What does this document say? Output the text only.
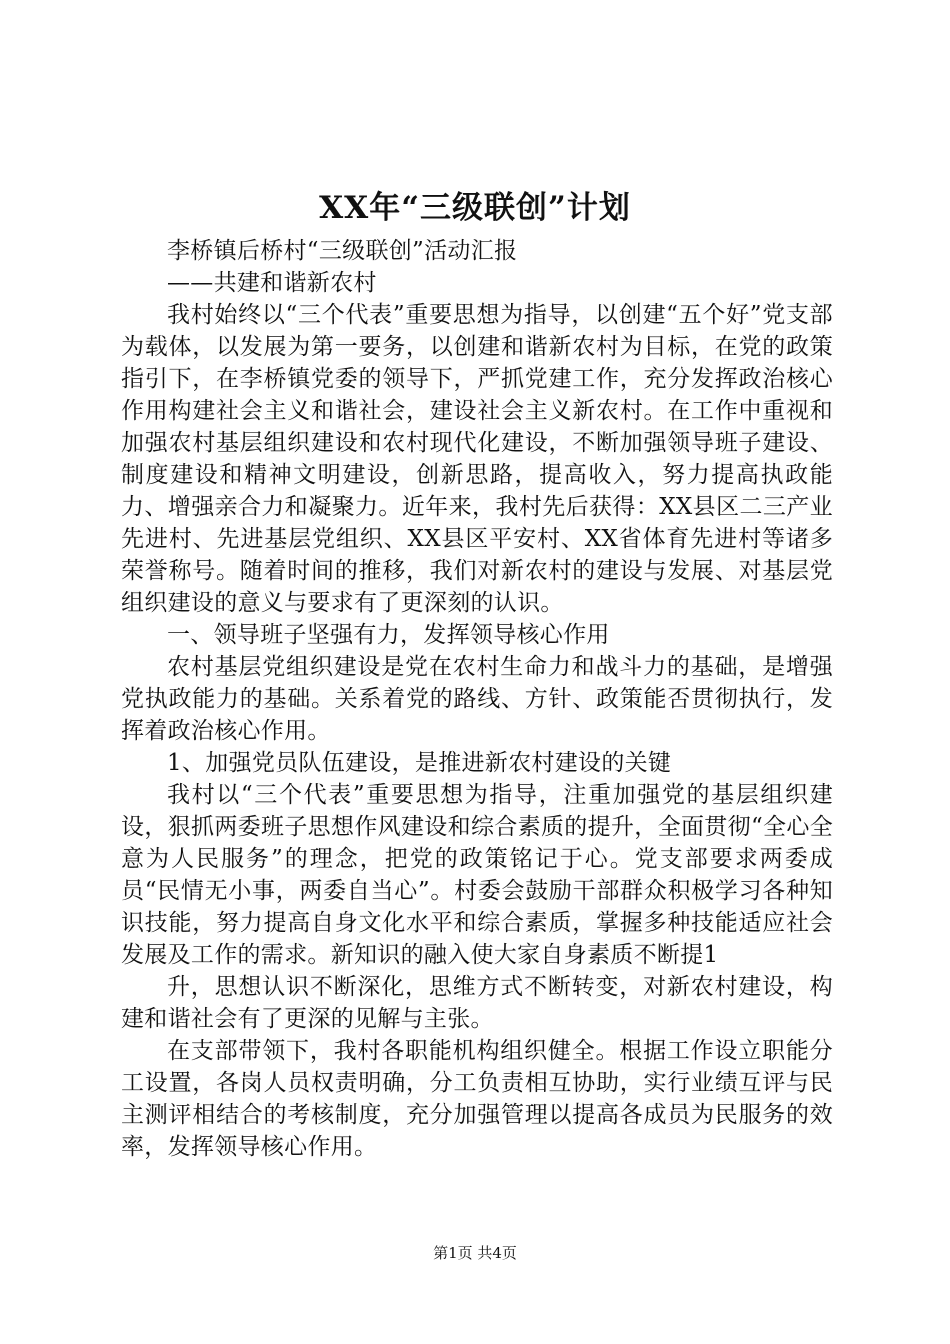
XX年“三级联创”计划

李桥镇后桥村“三级联创”活动汇报

——共建和谐新农村

我村始终以“三个代表”重要思想为指导，以创建“五个好”党支部为载体，以发展为第一要务，以创建和谐新农村为目标，在党的政策指引下，在李桥镇党委的领导下，严抓党建工作，充分发挥政治核心作用构建社会主义和谐社会，建设社会主义新农村。在工作中重视和加强农村基层组织建设和农村现代化建设，不断加强领导班子建设、制度建设和精神文明建设，创新思路，提高收入，努力提高执政能力、增强亲合力和凝聚力。近年来，我村先后获得：XX县区二三产业先进村、先进基层党组织、XX县区平安村、XX省体育先进村等诸多荣誉称号。随着时间的推移，我们对新农村的建设与发展、对基层党组织建设的意义与要求有了更深刻的认识。

一、领导班子坚强有力，发挥领导核心作用

农村基层党组织建设是党在农村生命力和战斗力的基础，是增强党执政能力的基础。关系着党的路线、方针、政策能否贯彻执行，发挥着政治核心作用。

1、加强党员队伍建设，是推进新农村建设的关键

我村以“三个代表”重要思想为指导，注重加强党的基层组织建设，狠抓两委班子思想作风建设和综合素质的提升，全面贯彻“全心全意为人民服务”的理念，把党的政策铭记于心。党支部要求两委成员“民情无小事，两委自当心”。村委会鼓励干部群众积极学习各种知识技能，努力提高自身文化水平和综合素质，掌握多种技能适应社会发展及工作的需求。新知识的融入使大家自身素质不断提1

升，思想认识不断深化，思维方式不断转变，对新农村建设，构建和谐社会有了更深的见解与主张。

在支部带领下，我村各职能机构组织健全。根据工作设立职能分工设置，各岗人员权责明确，分工负责相互协助，实行业绩互评与民主测评相结合的考核制度，充分加强管理以提高各成员为民服务的效率，发挥领导核心作用。

第1页 共4页
